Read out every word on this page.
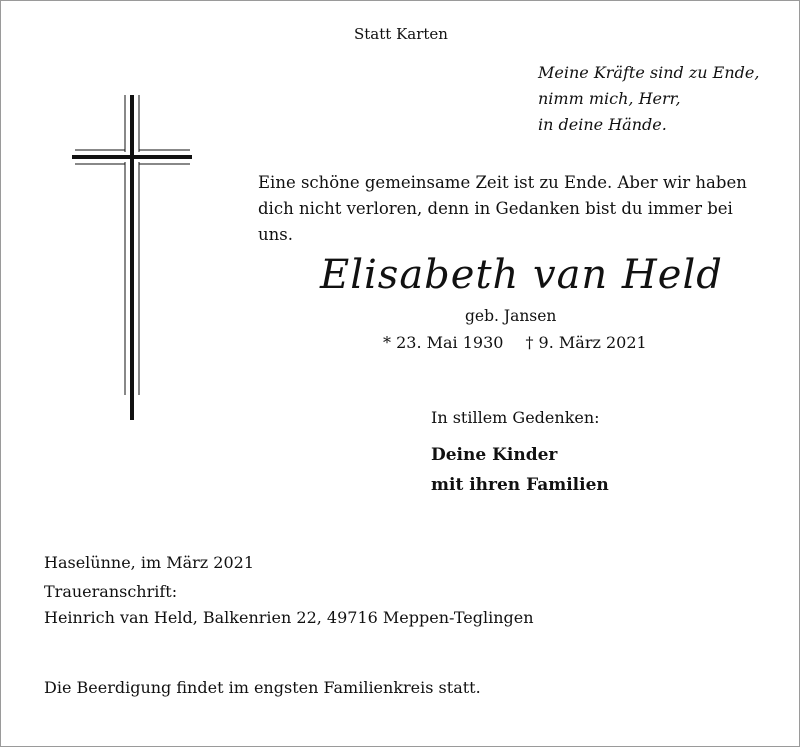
Statt Karten
Meine Kräfte sind zu Ende,
nimm mich, Herr,
in deine Hände.
Eine schöne gemeinsame Zeit ist zu Ende. Aber wir haben dich nicht verloren, denn in Gedanken bist du immer bei uns.
Elisabeth van Held
geb. Jansen
* 23. Mai 1930 † 9. März 2021
In stillem Gedenken:
Deine Kinder
mit ihren Familien
Haselünne, im März 2021
Traueranschrift:
Heinrich van Held, Balkenrien 22, 49716 Meppen-Teglingen
Die Beerdigung findet im engsten Familienkreis statt.
